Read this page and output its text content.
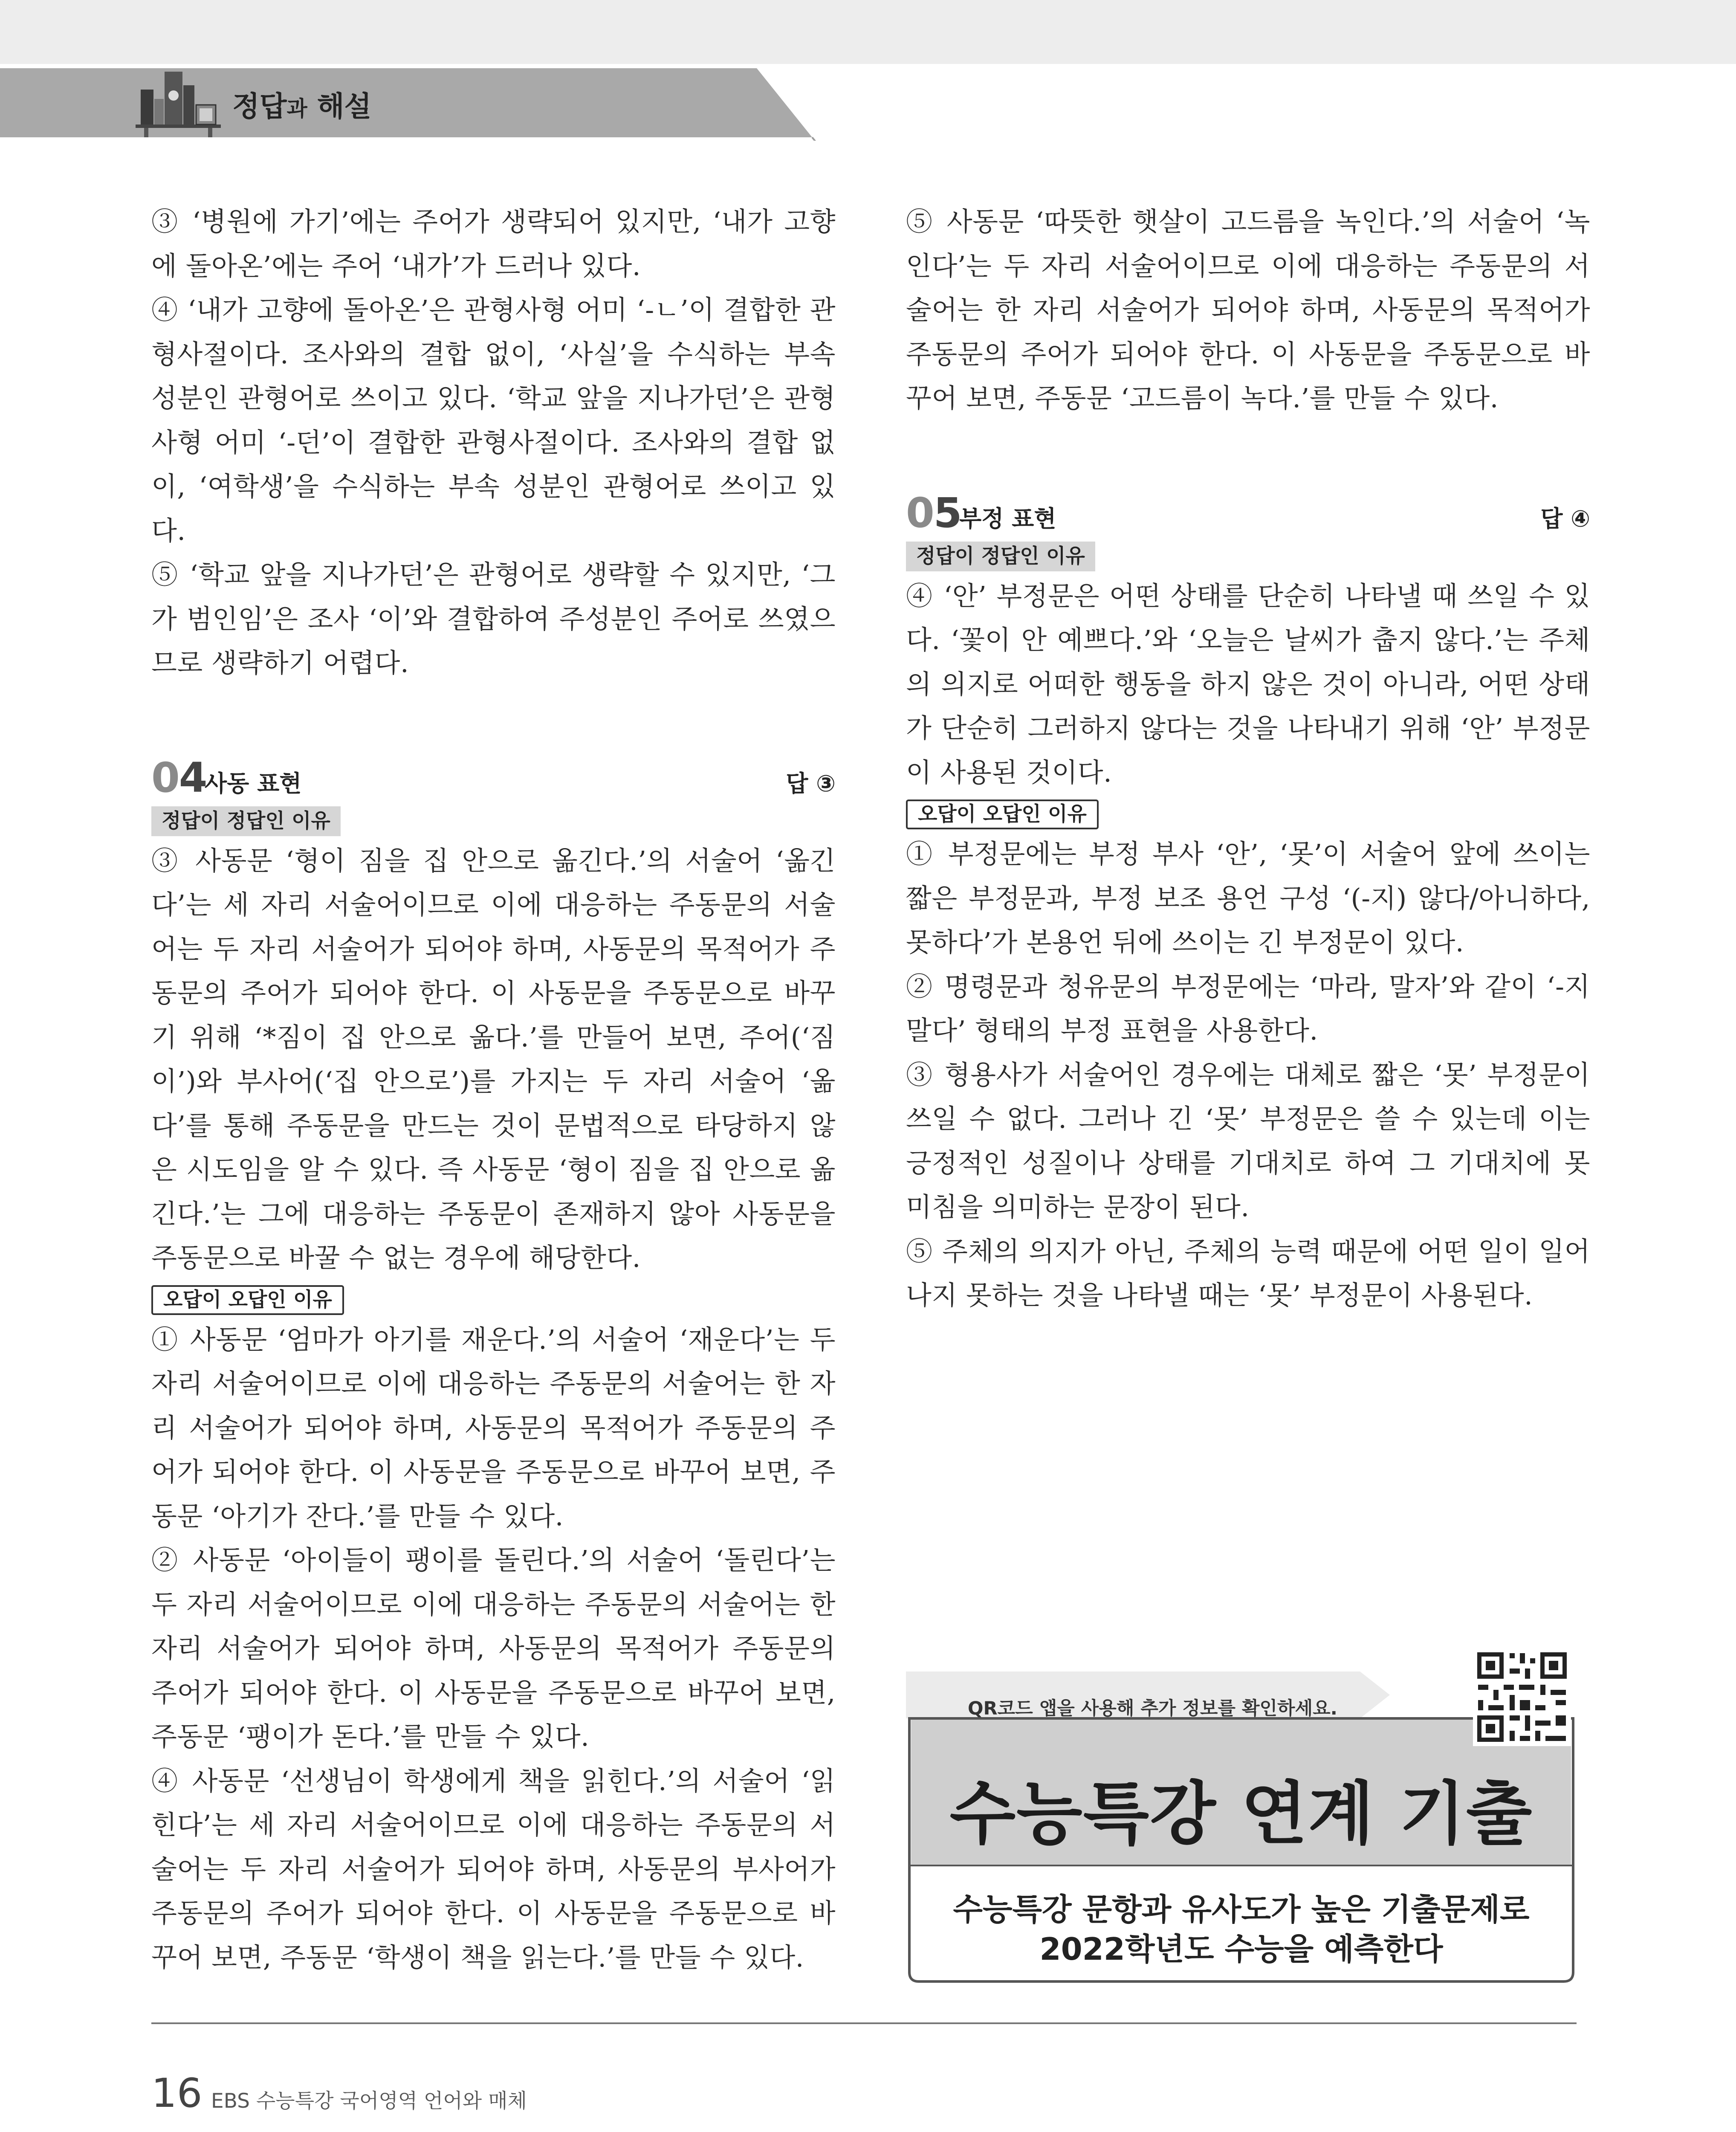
정답과 해설

③ ‘병원에 가기’에는 주어가 생략되어 있지만, ‘내가 고향에 돌아온’에는 주어 ‘내가’가 드러나 있다.

④ ‘내가 고향에 돌아온’은 관형사형 어미 ‘-ㄴ’이 결합한 관형사절이다. 조사와의 결합 없이, ‘사실’을 수식하는 부속 성분인 관형어로 쓰이고 있다. ‘학교 앞을 지나가던’은 관형사형 어미 ‘-던’이 결합한 관형사절이다. 조사와의 결합 없이, ‘여학생’을 수식하는 부속 성분인 관형어로 쓰이고 있다.

⑤ ‘학교 앞을 지나가던’은 관형어로 생략할 수 있지만, ‘그가 범인임’은 조사 ‘이’와 결합하여 주성분인 주어로 쓰였으므로 생략하기 어렵다.

04
사동 표현	답 ③
정답이 정답인 이유

③ 사동문 ‘형이 짐을 집 안으로 옮긴다.’의 서술어 ‘옮긴다’는 세 자리 서술어이므로 이에 대응하는 주동문의 서술어는 두 자리 서술어가 되어야 하며, 사동문의 목적어가 주동문의 주어가 되어야 한다. 이 사동문을 주동문으로 바꾸기 위해 ‘*짐이 집 안으로 옮다.’를 만들어 보면, 주어(‘짐이’)와 부사어(‘집 안으로’)를 가지는 두 자리 서술어 ‘옮다’를 통해 주동문을 만드는 것이 문법적으로 타당하지 않은 시도임을 알 수 있다. 즉 사동문 ‘형이 짐을 집 안으로 옮긴다.’는 그에 대응하는 주동문이 존재하지 않아 사동문을 주동문으로 바꿀 수 없는 경우에 해당한다.

오답이 오답인 이유

① 사동문 ‘엄마가 아기를 재운다.’의 서술어 ‘재운다’는 두 자리 서술어이므로 이에 대응하는 주동문의 서술어는 한 자리 서술어가 되어야 하며, 사동문의 목적어가 주동문의 주어가 되어야 한다. 이 사동문을 주동문으로 바꾸어 보면, 주동문 ‘아기가 잔다.’를 만들 수 있다.

② 사동문 ‘아이들이 팽이를 돌린다.’의 서술어 ‘돌린다’는 두 자리 서술어이므로 이에 대응하는 주동문의 서술어는 한 자리 서술어가 되어야 하며, 사동문의 목적어가 주동문의 주어가 되어야 한다. 이 사동문을 주동문으로 바꾸어 보면, 주동문 ‘팽이가 돈다.’를 만들 수 있다.

④ 사동문 ‘선생님이 학생에게 책을 읽힌다.’의 서술어 ‘읽힌다’는 세 자리 서술어이므로 이에 대응하는 주동문의 서술어는 두 자리 서술어가 되어야 하며, 사동문의 부사어가 주동문의 주어가 되어야 한다. 이 사동문을 주동문으로 바꾸어 보면, 주동문 ‘학생이 책을 읽는다.’를 만들 수 있다.

⑤ 사동문 ‘따뜻한 햇살이 고드름을 녹인다.’의 서술어 ‘녹인다’는 두 자리 서술어이므로 이에 대응하는 주동문의 서술어는 한 자리 서술어가 되어야 하며, 사동문의 목적어가 주동문의 주어가 되어야 한다. 이 사동문을 주동문으로 바꾸어 보면, 주동문 ‘고드름이 녹다.’를 만들 수 있다.

05
부정 표현	답 ④
정답이 정답인 이유

④ ‘안’ 부정문은 어떤 상태를 단순히 나타낼 때 쓰일 수 있다. ‘꽃이 안 예쁘다.’와 ‘오늘은 날씨가 춥지 않다.’는 주체의 의지로 어떠한 행동을 하지 않은 것이 아니라, 어떤 상태가 단순히 그러하지 않다는 것을 나타내기 위해 ‘안’ 부정문이 사용된 것이다.

오답이 오답인 이유

① 부정문에는 부정 부사 ‘안’, ‘못’이 서술어 앞에 쓰이는 짧은 부정문과, 부정 보조 용언 구성 ‘(-지) 않다/아니하다, 못하다’가 본용언 뒤에 쓰이는 긴 부정문이 있다.

② 명령문과 청유문의 부정문에는 ‘마라, 말자’와 같이 ‘-지 말다’ 형태의 부정 표현을 사용한다.

③ 형용사가 서술어인 경우에는 대체로 짧은 ‘못’ 부정문이 쓰일 수 없다. 그러나 긴 ‘못’ 부정문은 쓸 수 있는데 이는 긍정적인 성질이나 상태를 기대치로 하여 그 기대치에 못 미침을 의미하는 문장이 된다.

⑤ 주체의 의지가 아닌, 주체의 능력 때문에 어떤 일이 일어나지 못하는 것을 나타낼 때는 ‘못’ 부정문이 사용된다.

QR코드 앱을 사용해 추가 정보를 확인하세요.
수능특강 연계 기출
수능특강 문항과 유사도가 높은 기출문제로
2022학년도 수능을 예측한다
16 EBS 수능특강 국어영역 언어와 매체
